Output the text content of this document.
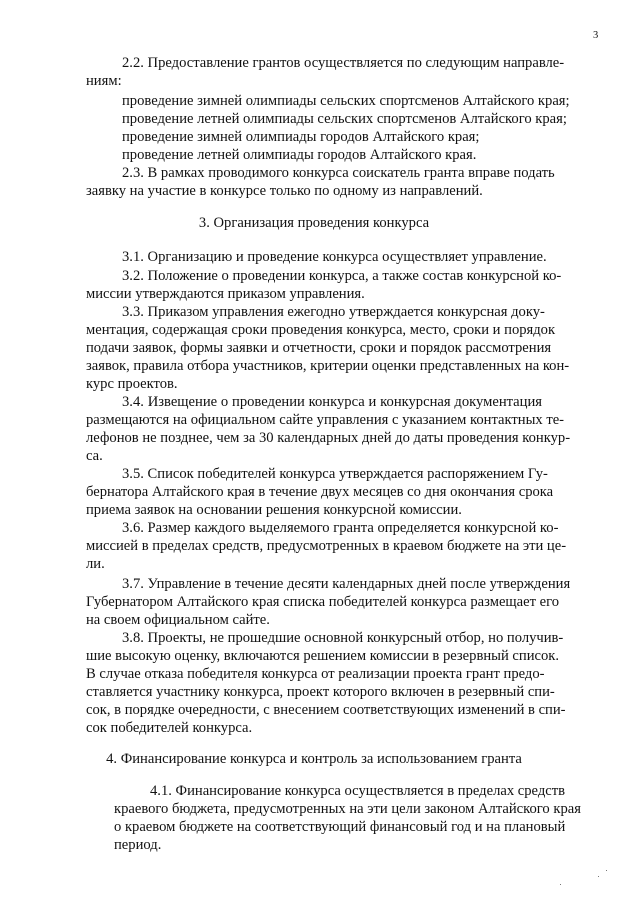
3
2.2. Предоставление грантов осуществляется по следующим направле-
ниям:
проведение зимней олимпиады сельских спортсменов Алтайского края;
проведение летней олимпиады сельских спортсменов Алтайского края;
проведение зимней олимпиады городов Алтайского края;
проведение летней олимпиады городов Алтайского края.
2.3. В рамках проводимого конкурса соискатель гранта вправе подать
заявку на участие в конкурсе только по одному из направлений.
3. Организация проведения конкурса
3.1. Организацию и проведение конкурса осуществляет управление.
3.2. Положение о проведении конкурса, а также состав конкурсной ко-
миссии утверждаются приказом управления.
3.3. Приказом управления ежегодно утверждается конкурсная доку-
ментация, содержащая сроки проведения конкурса, место, сроки и порядок
подачи заявок, формы заявки и отчетности, сроки и порядок рассмотрения
заявок, правила отбора участников, критерии оценки представленных на кон-
курс проектов.
3.4. Извещение о проведении конкурса и конкурсная документация
размещаются на официальном сайте управления с указанием контактных те-
лефонов не позднее, чем за 30 календарных дней до даты проведения конкур-
са.
3.5. Список победителей конкурса утверждается распоряжением Гу-
бернатора Алтайского края в течение двух месяцев со дня окончания срока
приема заявок на основании решения конкурсной комиссии.
3.6. Размер каждого выделяемого гранта определяется конкурсной ко-
миссией в пределах средств, предусмотренных в краевом бюджете на эти це-
ли.
3.7. Управление в течение десяти календарных дней после утверждения
Губернатором Алтайского края списка победителей конкурса размещает его
на своем официальном сайте.
3.8. Проекты, не прошедшие основной конкурсный отбор, но получив-
шие высокую оценку, включаются решением комиссии в резервный список.
В случае отказа победителя конкурса от реализации проекта грант предо-
ставляется участнику конкурса, проект которого включен в резервный спи-
сок, в порядке очередности, с внесением соответствующих изменений в спи-
сок победителей конкурса.
4. Финансирование конкурса и контроль за использованием гранта
4.1. Финансирование конкурса осуществляется в пределах средств
краевого бюджета, предусмотренных на эти цели законом Алтайского края
о краевом бюджете на соответствующий финансовый год и на плановый
период.
